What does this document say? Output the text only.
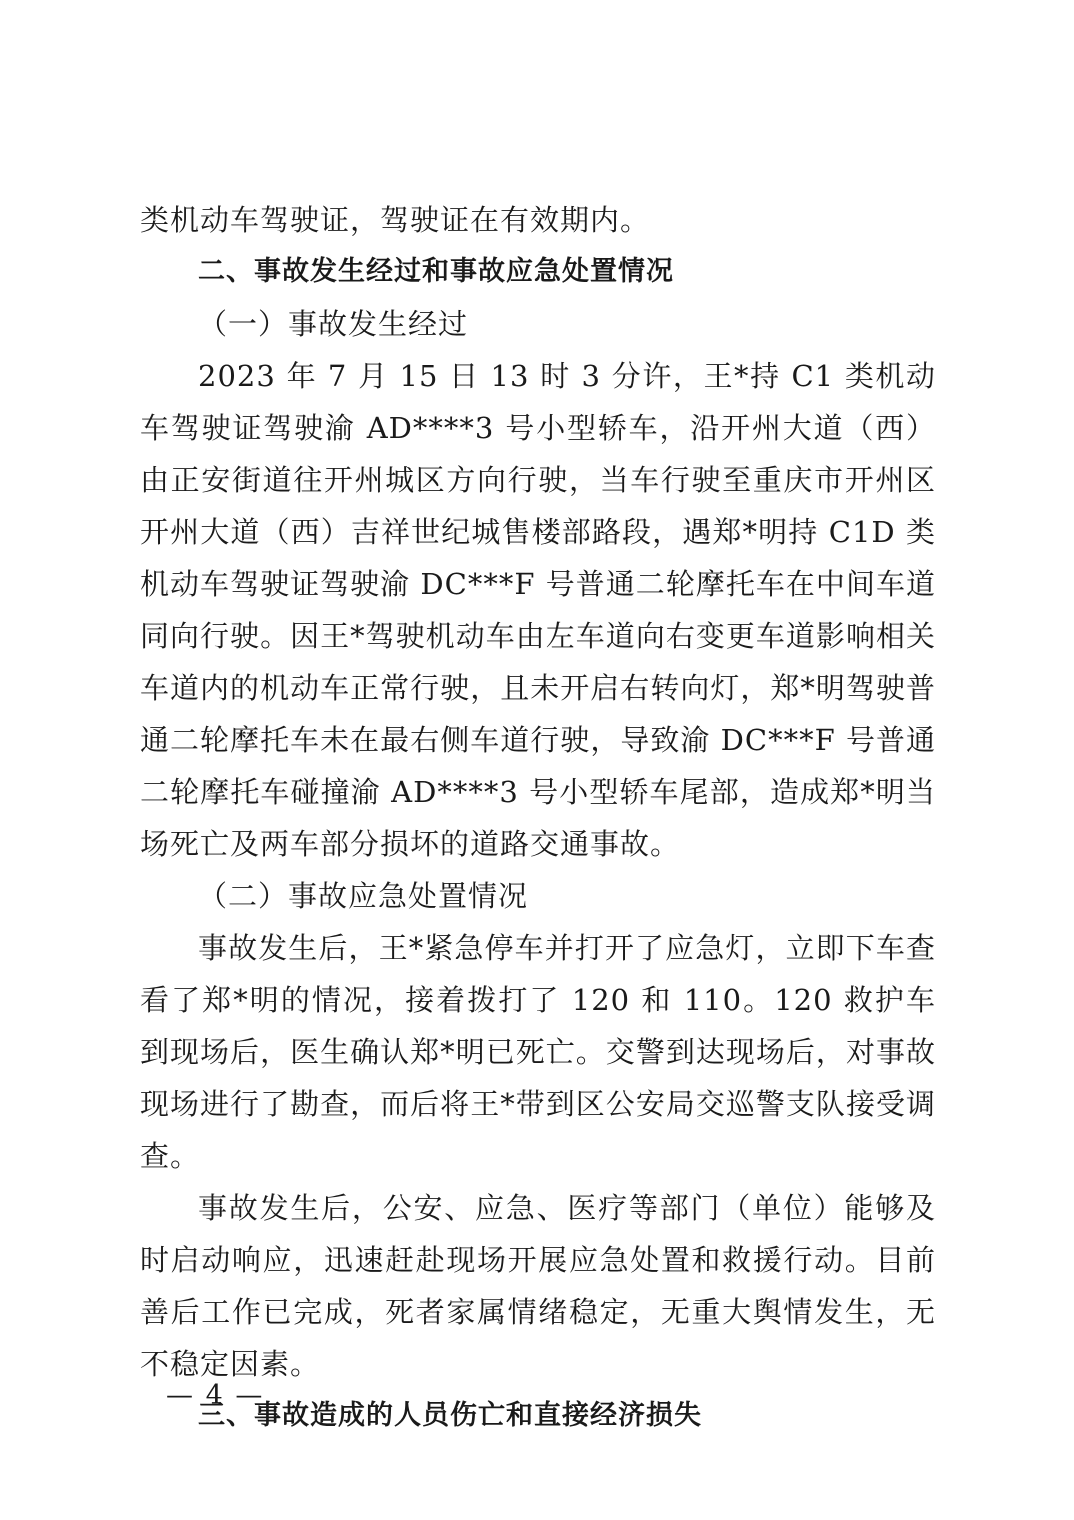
类机动车驾驶证，驾驶证在有效期内。

二、事故发生经过和事故应急处置情况

（一）事故发生经过

2023 年 7 月 15 日 13 时 3 分许，王*持 C1 类机动车驾驶证驾驶渝 AD****3 号小型轿车，沿开州大道（西）由正安街道往开州城区方向行驶，当车行驶至重庆市开州区开州大道（西）吉祥世纪城售楼部路段，遇郑*明持 C1D 类机动车驾驶证驾驶渝 DC***F 号普通二轮摩托车在中间车道同向行驶。因王*驾驶机动车由左车道向右变更车道影响相关车道内的机动车正常行驶，且未开启右转向灯，郑*明驾驶普通二轮摩托车未在最右侧车道行驶，导致渝 DC***F 号普通二轮摩托车碰撞渝 AD****3 号小型轿车尾部，造成郑*明当场死亡及两车部分损坏的道路交通事故。

（二）事故应急处置情况

事故发生后，王*紧急停车并打开了应急灯，立即下车查看了郑*明的情况，接着拨打了 120 和 110。120 救护车到现场后，医生确认郑*明已死亡。交警到达现场后，对事故现场进行了勘查，而后将王*带到区公安局交巡警支队接受调查。

事故发生后，公安、应急、医疗等部门（单位）能够及时启动响应，迅速赶赴现场开展应急处置和救援行动。目前善后工作已完成，死者家属情绪稳定，无重大舆情发生，无不稳定因素。

三、事故造成的人员伤亡和直接经济损失

— 4 —
